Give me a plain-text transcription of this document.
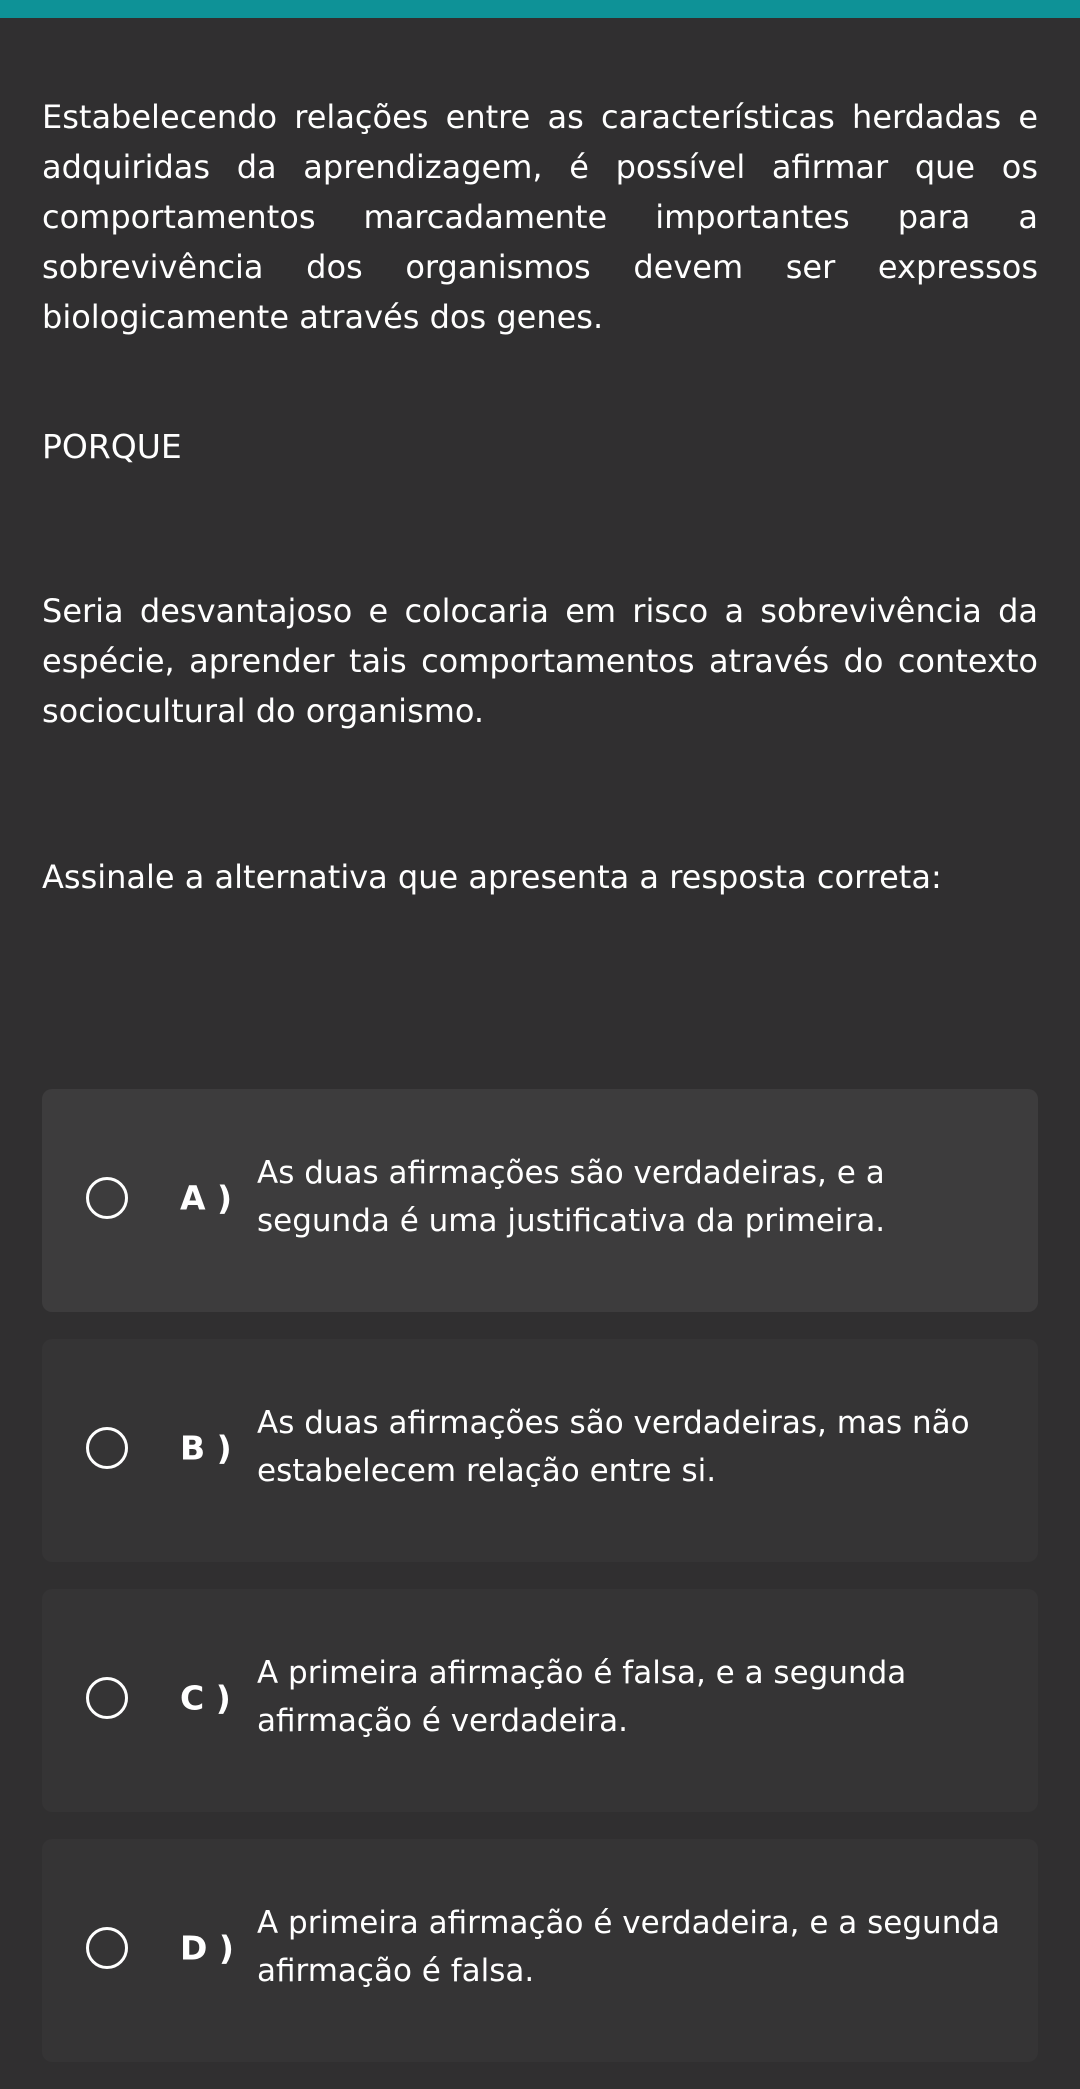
Estabelecendo relações entre as características herdadas e adquiridas da aprendizagem, é possível afirmar que os comportamentos marcadamente importantes para a sobrevivência dos organismos devem ser expressos biologicamente através dos genes.

PORQUE

Seria desvantajoso e colocaria em risco a sobrevivência da espécie, aprender tais comportamentos através do contexto sociocultural do organismo.

Assinale a alternativa que apresenta a resposta correta:
A )
As duas afirmações são verdadeiras, e a segunda é uma justificativa da primeira.
B )
As duas afirmações são verdadeiras, mas não estabelecem relação entre si.
C )
A primeira afirmação é falsa, e a segunda afirmação é verdadeira.
D )
A primeira afirmação é verdadeira, e a segunda afirmação é falsa.
